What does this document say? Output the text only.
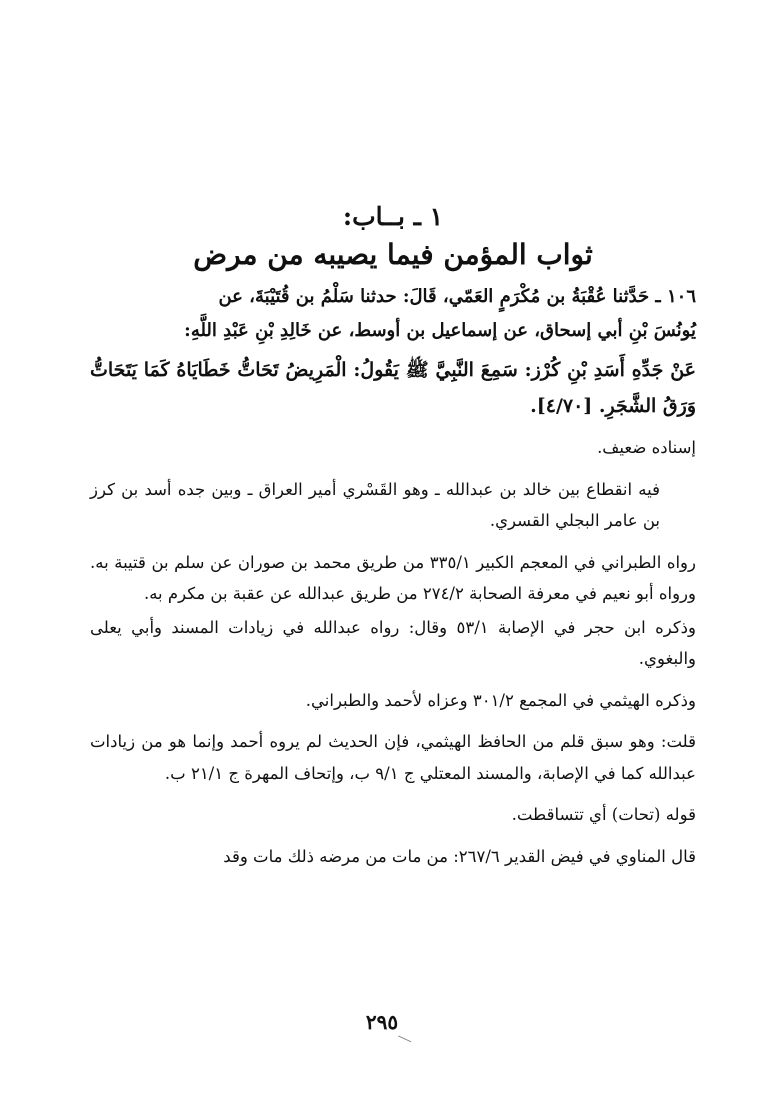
١ ـ بــاب:
ثواب المؤمن فيما يصيبه من مرض
١٠٦ ـ حَدَّثنا عُقْبَةُ بن مُكْرَمٍ العَمّي، قَالَ: حدثنا سَلْمُ بن قُتَيْبَةَ، عن
يُونُسَ بْنِ أبي إسحاق، عن إسماعيل بن أوسط، عن خَالِدِ بْنِ عَبْدِ اللَّهِ:
عَنْ جَدِّهِ أَسَدِ بْنِ كُرْز: سَمِعَ النَّبِيَّ ﷺ يَقُولُ: الْمَرِيضُ تَحَاتُّ خَطَايَاهُ كَمَا يَتَحَاتُّ وَرَقُ الشَّجَرِ. [٤/٧٠].
إسناده ضعيف.
فيه انقطاع بين خالد بن عبدالله ـ وهو القَسْري أمير العراق ـ وبين جده أسد بن كرز بن عامر البجلي القسري.
رواه الطبراني في المعجم الكبير ٣٣٥/١ من طريق محمد بن صوران عن سلم بن قتيبة به. ورواه أبو نعيم في معرفة الصحابة ٢٧٤/٢ من طريق عبدالله عن عقبة بن مكرم به.
وذكره ابن حجر في الإصابة ٥٣/١ وقال: رواه عبدالله في زيادات المسند وأبي يعلى والبغوي.
وذكره الهيثمي في المجمع ٣٠١/٢ وعزاه لأحمد والطبراني.
قلت: وهو سبق قلم من الحافظ الهيثمي، فإن الحديث لم يروه أحمد وإنما هو من زيادات عبدالله كما في الإصابة، والمسند المعتلي ج ٩/١ ب، وإتحاف المهرة ج ٢١/١ ب.
قوله (تحات) أي تتساقطت.
قال المناوي في فيض القدير ٢٦٧/٦: من مات من مرضه ذلك مات وقد
٢٩٥
